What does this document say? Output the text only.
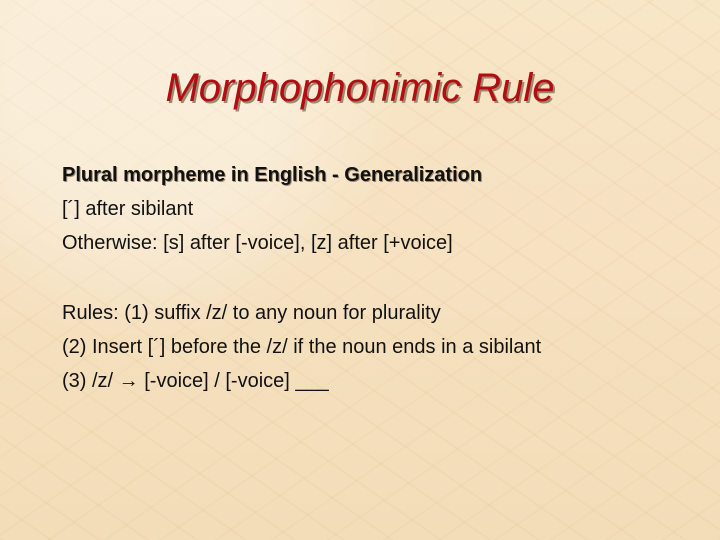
Morphophonimic Rule
Plural morpheme in English - Generalization
[´] after sibilant
Otherwise: [s] after [-voice], [z] after [+voice]
Rules: (1) suffix /z/ to any noun for plurality
(2) Insert [´] before the /z/ if the noun ends in a sibilant
(3) /z/ → [-voice] / [-voice] ___
